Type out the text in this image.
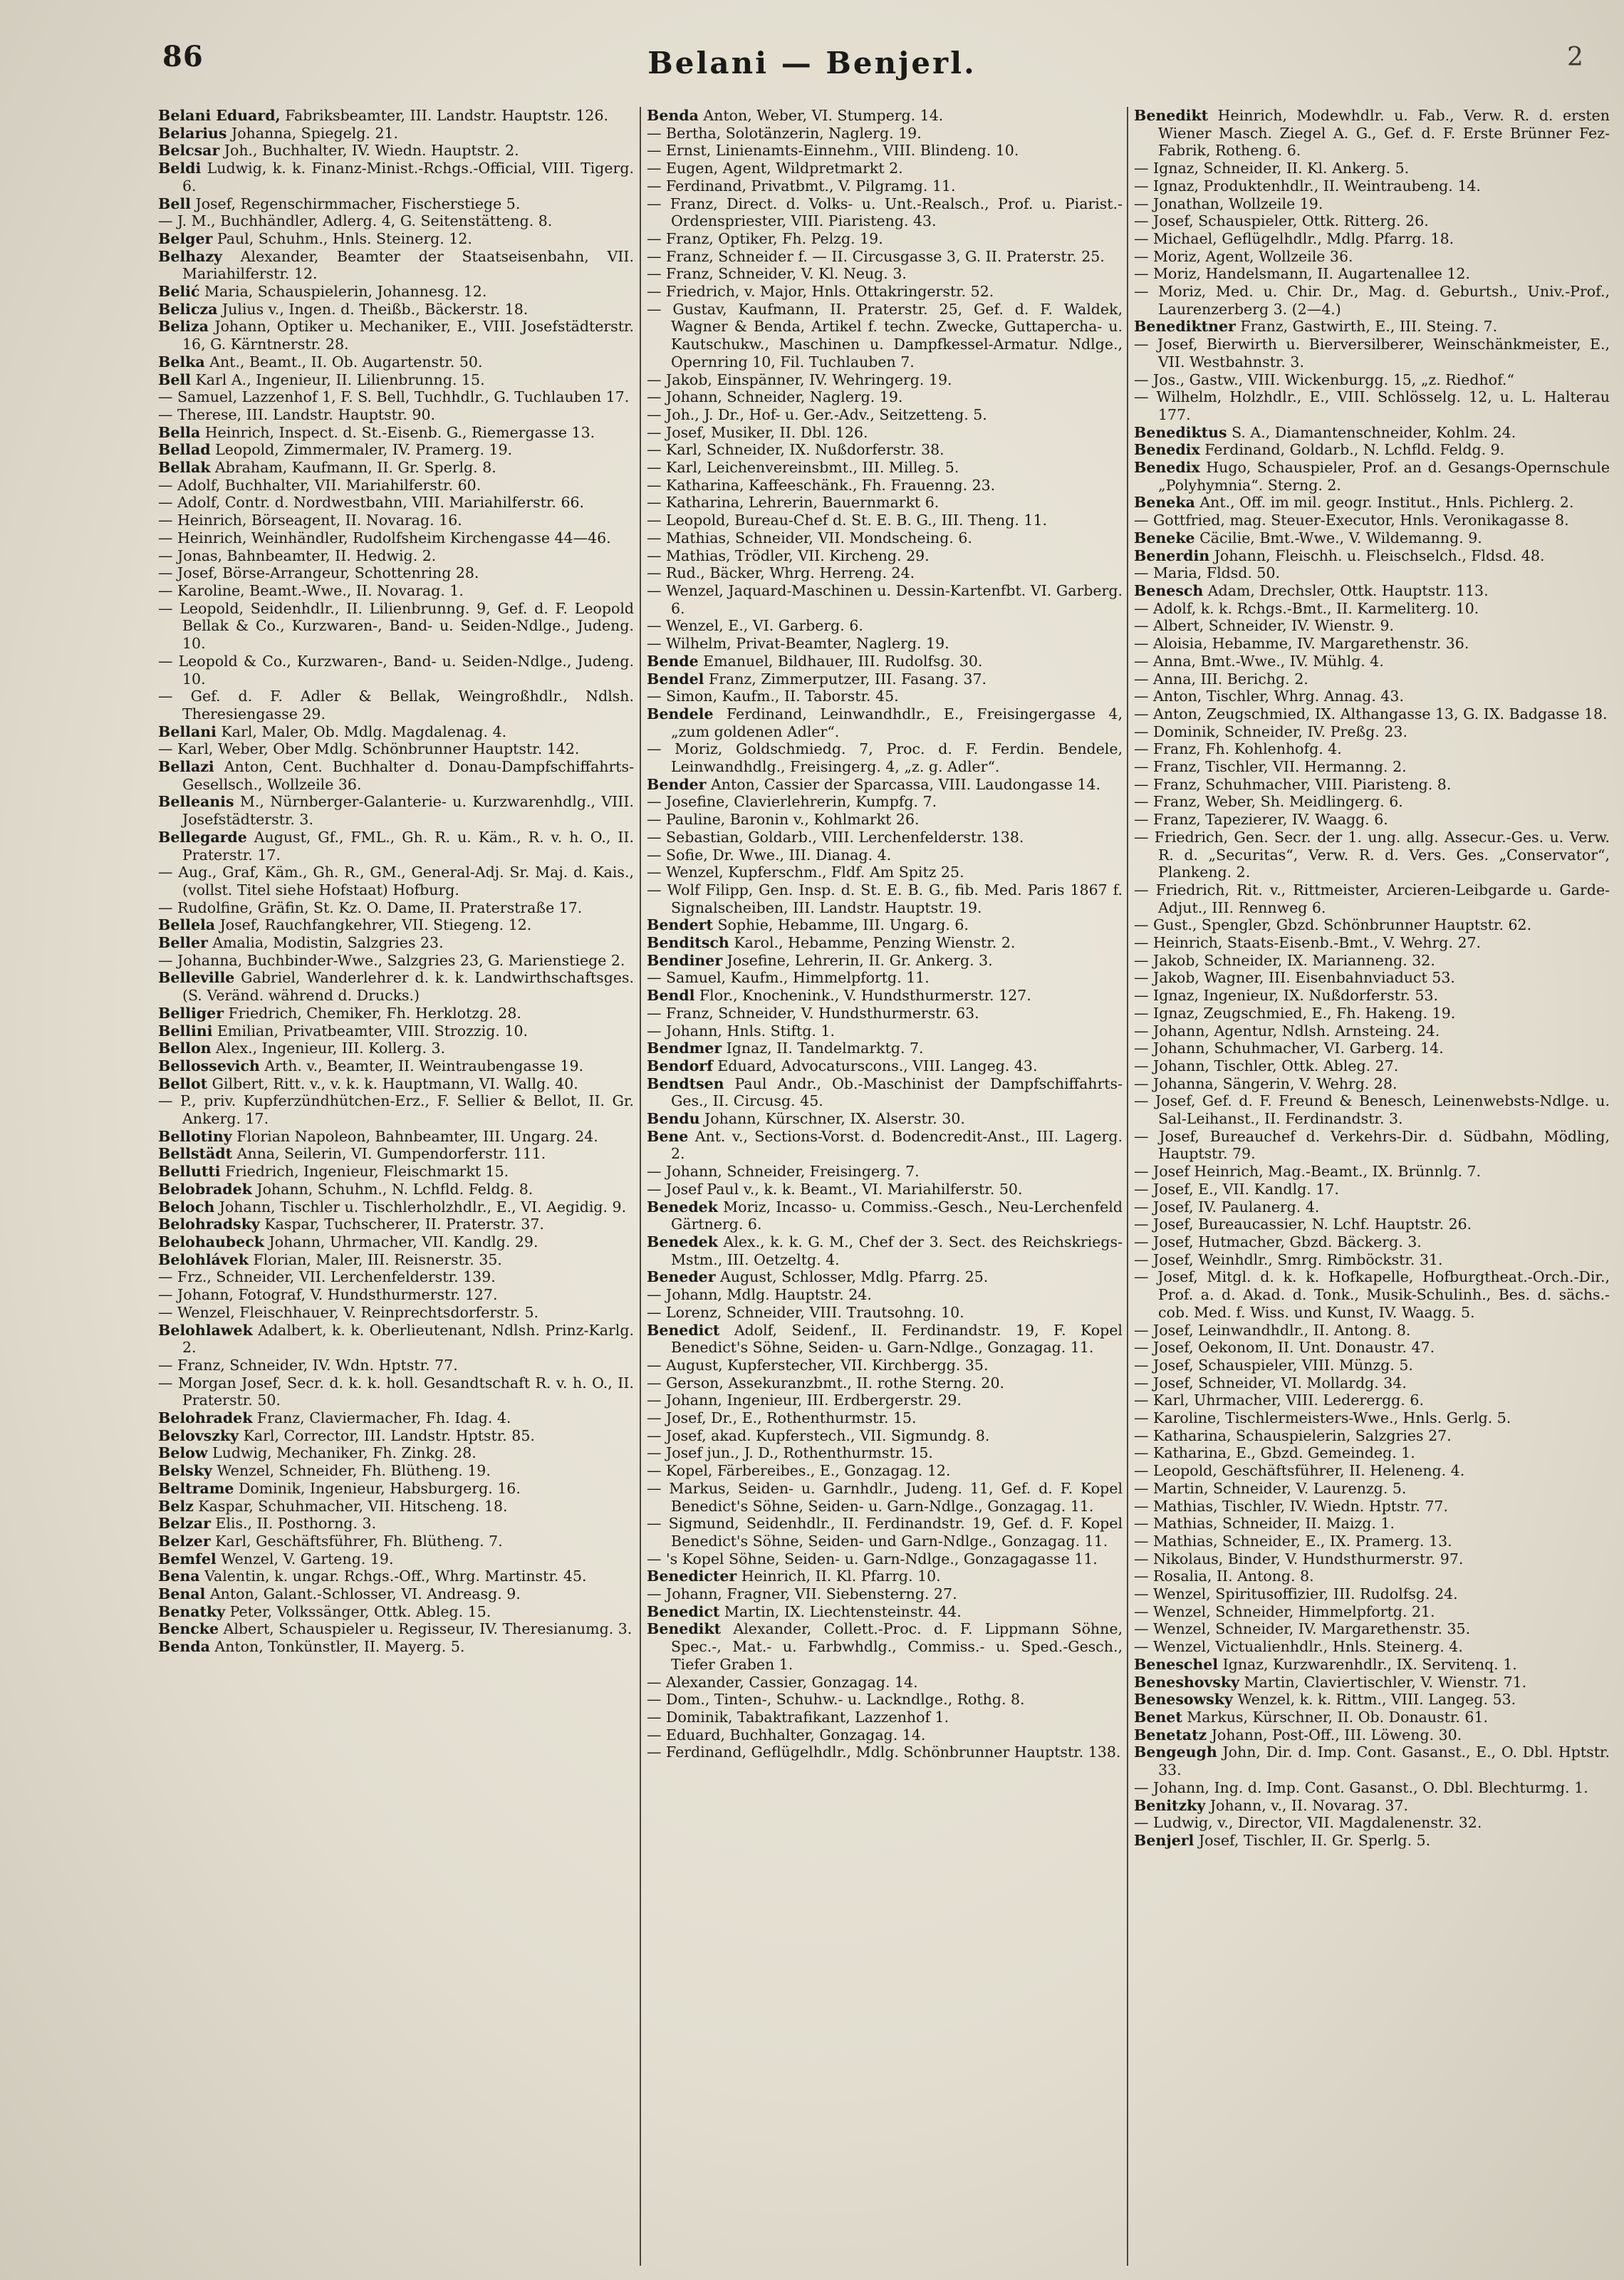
86	Belani — Benjerl.	2
Belani Eduard, Fabriksbeamter, III. Landstr. Hauptstr. 126.
Belarius Johanna, Spiegelg. 21.
Belcsar Joh., Buchhalter, IV. Wiedn. Hauptstr. 2.
Beldi Ludwig, k. k. Finanz-Minist.-Rchgs.-Official, VIII. Tigerg. 6.
Bell Josef, Regenschirmmacher, Fischerstiege 5.
— J. M., Buchhändler, Adlerg. 4, G. Seitenstätteng. 8.
Belger Paul, Schuhm., Hnls. Steinerg. 12.
Belhazy Alexander, Beamter der Staatseisenbahn, VII. Mariahilferstr. 12.
Belić Maria, Schauspielerin, Johannesg. 12.
Belicza Julius v., Ingen. d. Theißb., Bäckerstr. 18.
Beliza Johann, Optiker u. Mechaniker, E., VIII. Josefstädterstr. 16, G. Kärntnerstr. 28.
Belka Ant., Beamt., II. Ob. Augartenstr. 50.
Bell Karl A., Ingenieur, II. Lilienbrunng. 15.
— Samuel, Lazzenhof 1, F. S. Bell, Tuchhdlr., G. Tuchlauben 17.
— Therese, III. Landstr. Hauptstr. 90.
Bella Heinrich, Inspect. d. St.-Eisenb. G., Riemergasse 13.
Bellad Leopold, Zimmermaler, IV. Pramerg. 19.
Bellak Abraham, Kaufmann, II. Gr. Sperlg. 8.
— Adolf, Buchhalter, VII. Mariahilferstr. 60.
— Adolf, Contr. d. Nordwestbahn, VIII. Mariahilferstr. 66.
— Heinrich, Börseagent, II. Novarag. 16.
— Heinrich, Weinhändler, Rudolfsheim Kirchengasse 44—46.
— Jonas, Bahnbeamter, II. Hedwig. 2.
— Josef, Börse-Arrangeur, Schottenring 28.
— Karoline, Beamt.-Wwe., II. Novarag. 1.
— Leopold, Seidenhdlr., II. Lilienbrunng. 9, Gef. d. F. Leopold Bellak & Co., Kurzwaren-, Band- u. Seiden-Ndlge., Judeng. 10.
— Leopold & Co., Kurzwaren-, Band- u. Seiden-Ndlge., Judeng. 10.
— Gef. d. F. Adler & Bellak, Weingroßhdlr., Ndlsh. Theresiengasse 29.
Bellani Karl, Maler, Ob. Mdlg. Magdalenag. 4.
— Karl, Weber, Ober Mdlg. Schönbrunner Hauptstr. 142.
Bellazi Anton, Cent. Buchhalter d. Donau-Dampfschiffahrts-Gesellsch., Wollzeile 36.
Belleanis M., Nürnberger-Galanterie- u. Kurzwarenhdlg., VIII. Josefstädterstr. 3.
Bellegarde August, Gf., FML., Gh. R. u. Käm., R. v. h. O., II. Praterstr. 17.
— Aug., Graf, Käm., Gh. R., GM., General-Adj. Sr. Maj. d. Kais., (vollst. Titel siehe Hofstaat) Hofburg.
— Rudolfine, Gräfin, St. Kz. O. Dame, II. Praterstraße 17.
Bellela Josef, Rauchfangkehrer, VII. Stiegeng. 12.
Beller Amalia, Modistin, Salzgries 23.
— Johanna, Buchbinder-Wwe., Salzgries 23, G. Marienstiege 2.
Belleville Gabriel, Wanderlehrer d. k. k. Landwirthschaftsges. (S. Veränd. während d. Drucks.)
Belliger Friedrich, Chemiker, Fh. Herklotzg. 28.
Bellini Emilian, Privatbeamter, VIII. Strozzig. 10.
Bellon Alex., Ingenieur, III. Kollerg. 3.
Bellossevich Arth. v., Beamter, II. Weintraubengasse 19.
Bellot Gilbert, Ritt. v., v. k. k. Hauptmann, VI. Wallg. 40.
— P., priv. Kupferzündhütchen-Erz., F. Sellier & Bellot, II. Gr. Ankerg. 17.
Bellotiny Florian Napoleon, Bahnbeamter, III. Ungarg. 24.
Bellstädt Anna, Seilerin, VI. Gumpendorferstr. 111.
Bellutti Friedrich, Ingenieur, Fleischmarkt 15.
Belobradek Johann, Schuhm., N. Lchfld. Feldg. 8.
Beloch Johann, Tischler u. Tischlerholzhdlr., E., VI. Aegidig. 9.
Belohradsky Kaspar, Tuchscherer, II. Praterstr. 37.
Belohaubeck Johann, Uhrmacher, VII. Kandlg. 29.
Belohlávek Florian, Maler, III. Reisnerstr. 35.
— Frz., Schneider, VII. Lerchenfelderstr. 139.
— Johann, Fotograf, V. Hundsthurmerstr. 127.
— Wenzel, Fleischhauer, V. Reinprechtsdorferstr. 5.
Belohlawek Adalbert, k. k. Oberlieutenant, Ndlsh. Prinz-Karlg. 2.
— Franz, Schneider, IV. Wdn. Hptstr. 77.
— Morgan Josef, Secr. d. k. k. holl. Gesandtschaft R. v. h. O., II. Praterstr. 50.
Belohradek Franz, Claviermacher, Fh. Idag. 4.
Belovszky Karl, Corrector, III. Landstr. Hptstr. 85.
Below Ludwig, Mechaniker, Fh. Zinkg. 28.
Belsky Wenzel, Schneider, Fh. Blütheng. 19.
Beltrame Dominik, Ingenieur, Habsburgerg. 16.
Belz Kaspar, Schuhmacher, VII. Hitscheng. 18.
Belzar Elis., II. Posthorng. 3.
Belzer Karl, Geschäftsführer, Fh. Blütheng. 7.
Bemfel Wenzel, V. Garteng. 19.
Bena Valentin, k. ungar. Rchgs.-Off., Whrg. Martinstr. 45.
Benal Anton, Galant.-Schlosser, VI. Andreasg. 9.
Benatky Peter, Volkssänger, Ottk. Ableg. 15.
Bencke Albert, Schauspieler u. Regisseur, IV. Theresianumg. 3.
Benda Anton, Tonkünstler, II. Mayerg. 5.
Benda Anton, Weber, VI. Stumperg. 14.
— Bertha, Solotänzerin, Naglerg. 19.
— Ernst, Linienamts-Einnehm., VIII. Blindeng. 10.
— Eugen, Agent, Wildpretmarkt 2.
— Ferdinand, Privatbmt., V. Pilgramg. 11.
— Franz, Direct. d. Volks- u. Unt.-Realsch., Prof. u. Piarist.-Ordenspriester, VIII. Piaristeng. 43.
— Franz, Optiker, Fh. Pelzg. 19.
— Franz, Schneider f. — II. Circusgasse 3, G. II. Praterstr. 25.
— Franz, Schneider, V. Kl. Neug. 3.
— Friedrich, v. Major, Hnls. Ottakringerstr. 52.
— Gustav, Kaufmann, II. Praterstr. 25, Gef. d. F. Waldek, Wagner & Benda, Artikel f. techn. Zwecke, Guttapercha- u. Kautschukw., Maschinen u. Dampfkessel-Armatur. Ndlge., Opernring 10, Fil. Tuchlauben 7.
— Jakob, Einspänner, IV. Wehringerg. 19.
— Johann, Schneider, Naglerg. 19.
— Joh., J. Dr., Hof- u. Ger.-Adv., Seitzetteng. 5.
— Josef, Musiker, II. Dbl. 126.
— Karl, Schneider, IX. Nußdorferstr. 38.
— Karl, Leichenvereinsbmt., III. Milleg. 5.
— Katharina, Kaffeeschänk., Fh. Frauenng. 23.
— Katharina, Lehrerin, Bauernmarkt 6.
— Leopold, Bureau-Chef d. St. E. B. G., III. Theng. 11.
— Mathias, Schneider, VII. Mondscheing. 6.
— Mathias, Trödler, VII. Kircheng. 29.
— Rud., Bäcker, Whrg. Herreng. 24.
— Wenzel, Jaquard-Maschinen u. Dessin-Kartenfbt. VI. Garberg. 6.
— Wenzel, E., VI. Garberg. 6.
— Wilhelm, Privat-Beamter, Naglerg. 19.
Bende Emanuel, Bildhauer, III. Rudolfsg. 30.
Bendel Franz, Zimmerputzer, III. Fasang. 37.
— Simon, Kaufm., II. Taborstr. 45.
Bendele Ferdinand, Leinwandhdlr., E., Freisingergasse 4, „zum goldenen Adler“.
— Moriz, Goldschmiedg. 7, Proc. d. F. Ferdin. Bendele, Leinwandhdlg., Freisingerg. 4, „z. g. Adler“.
Bender Anton, Cassier der Sparcassa, VIII. Laudongasse 14.
— Josefine, Clavierlehrerin, Kumpfg. 7.
— Pauline, Baronin v., Kohlmarkt 26.
— Sebastian, Goldarb., VIII. Lerchenfelderstr. 138.
— Sofie, Dr. Wwe., III. Dianag. 4.
— Wenzel, Kupferschm., Fldf. Am Spitz 25.
— Wolf Filipp, Gen. Insp. d. St. E. B. G., fib. Med. Paris 1867 f. Signalscheiben, III. Landstr. Hauptstr. 19.
Bendert Sophie, Hebamme, III. Ungarg. 6.
Benditsch Karol., Hebamme, Penzing Wienstr. 2.
Bendiner Josefine, Lehrerin, II. Gr. Ankerg. 3.
— Samuel, Kaufm., Himmelpfortg. 11.
Bendl Flor., Knochenink., V. Hundsthurmerstr. 127.
— Franz, Schneider, V. Hundsthurmerstr. 63.
— Johann, Hnls. Stiftg. 1.
Bendmer Ignaz, II. Tandelmarktg. 7.
Bendorf Eduard, Advocaturscons., VIII. Langeg. 43.
Bendtsen Paul Andr., Ob.-Maschinist der Dampfschiffahrts-Ges., II. Circusg. 45.
Bendu Johann, Kürschner, IX. Alserstr. 30.
Bene Ant. v., Sections-Vorst. d. Bodencredit-Anst., III. Lagerg. 2.
— Johann, Schneider, Freisingerg. 7.
— Josef Paul v., k. k. Beamt., VI. Mariahilferstr. 50.
Benedek Moriz, Incasso- u. Commiss.-Gesch., Neu-Lerchenfeld Gärtnerg. 6.
Benedek Alex., k. k. G. M., Chef der 3. Sect. des Reichskriegs-Mstm., III. Oetzeltg. 4.
Beneder August, Schlosser, Mdlg. Pfarrg. 25.
— Johann, Mdlg. Hauptstr. 24.
— Lorenz, Schneider, VIII. Trautsohng. 10.
Benedict Adolf, Seidenf., II. Ferdinandstr. 19, F. Kopel Benedict's Söhne, Seiden- u. Garn-Ndlge., Gonzagag. 11.
— August, Kupferstecher, VII. Kirchbergg. 35.
— Gerson, Assekuranzbmt., II. rothe Sterng. 20.
— Johann, Ingenieur, III. Erdbergerstr. 29.
— Josef, Dr., E., Rothenthurmstr. 15.
— Josef, akad. Kupferstech., VII. Sigmundg. 8.
— Josef jun., J. D., Rothenthurmstr. 15.
— Kopel, Färbereibes., E., Gonzagag. 12.
— Markus, Seiden- u. Garnhdlr., Judeng. 11, Gef. d. F. Kopel Benedict's Söhne, Seiden- u. Garn-Ndlge., Gonzagag. 11.
— Sigmund, Seidenhdlr., II. Ferdinandstr. 19, Gef. d. F. Kopel Benedict's Söhne, Seiden- und Garn-Ndlge., Gonzagag. 11.
— 's Kopel Söhne, Seiden- u. Garn-Ndlge., Gonzagagasse 11.
Benedicter Heinrich, II. Kl. Pfarrg. 10.
— Johann, Fragner, VII. Siebensterng. 27.
Benedict Martin, IX. Liechtensteinstr. 44.
Benedikt Alexander, Collett.-Proc. d. F. Lippmann Söhne, Spec.-, Mat.- u. Farbwhdlg., Commiss.- u. Sped.-Gesch., Tiefer Graben 1.
— Alexander, Cassier, Gonzagag. 14.
— Dom., Tinten-, Schuhw.- u. Lackndlge., Rothg. 8.
— Dominik, Tabaktrafikant, Lazzenhof 1.
— Eduard, Buchhalter, Gonzagag. 14.
— Ferdinand, Geflügelhdlr., Mdlg. Schönbrunner Hauptstr. 138.
Benedikt Heinrich, Modewhdlr. u. Fab., Verw. R. d. ersten Wiener Masch. Ziegel A. G., Gef. d. F. Erste Brünner Fez-Fabrik, Rotheng. 6.
— Ignaz, Schneider, II. Kl. Ankerg. 5.
— Ignaz, Produktenhdlr., II. Weintraubeng. 14.
— Jonathan, Wollzeile 19.
— Josef, Schauspieler, Ottk. Ritterg. 26.
— Michael, Geflügelhdlr., Mdlg. Pfarrg. 18.
— Moriz, Agent, Wollzeile 36.
— Moriz, Handelsmann, II. Augartenallee 12.
— Moriz, Med. u. Chir. Dr., Mag. d. Geburtsh., Univ.-Prof., Laurenzerberg 3. (2—4.)
Benediktner Franz, Gastwirth, E., III. Steing. 7.
— Josef, Bierwirth u. Bierversilberer, Weinschänkmeister, E., VII. Westbahnstr. 3.
— Jos., Gastw., VIII. Wickenburgg. 15, „z. Riedhof.“
— Wilhelm, Holzhdlr., E., VIII. Schlösselg. 12, u. L. Halterau 177.
Benediktus S. A., Diamantenschneider, Kohlm. 24.
Benedix Ferdinand, Goldarb., N. Lchfld. Feldg. 9.
Benedix Hugo, Schauspieler, Prof. an d. Gesangs-Opernschule „Polyhymnia“. Sterng. 2.
Beneka Ant., Off. im mil. geogr. Institut., Hnls. Pichlerg. 2.
— Gottfried, mag. Steuer-Executor, Hnls. Veronikagasse 8.
Beneke Cäcilie, Bmt.-Wwe., V. Wildemanng. 9.
Benerdin Johann, Fleischh. u. Fleischselch., Fldsd. 48.
— Maria, Fldsd. 50.
Benesch Adam, Drechsler, Ottk. Hauptstr. 113.
— Adolf, k. k. Rchgs.-Bmt., II. Karmeliterg. 10.
— Albert, Schneider, IV. Wienstr. 9.
— Aloisia, Hebamme, IV. Margarethenstr. 36.
— Anna, Bmt.-Wwe., IV. Mühlg. 4.
— Anna, III. Berichg. 2.
— Anton, Tischler, Whrg. Annag. 43.
— Anton, Zeugschmied, IX. Althangasse 13, G. IX. Badgasse 18.
— Dominik, Schneider, IV. Preßg. 23.
— Franz, Fh. Kohlenhofg. 4.
— Franz, Tischler, VII. Hermanng. 2.
— Franz, Schuhmacher, VIII. Piaristeng. 8.
— Franz, Weber, Sh. Meidlingerg. 6.
— Franz, Tapezierer, IV. Waagg. 6.
— Friedrich, Gen. Secr. der 1. ung. allg. Assecur.-Ges. u. Verw. R. d. „Securitas“, Verw. R. d. Vers. Ges. „Conservator“, Plankeng. 2.
— Friedrich, Rit. v., Rittmeister, Arcieren-Leibgarde u. Garde-Adjut., III. Rennweg 6.
— Gust., Spengler, Gbzd. Schönbrunner Hauptstr. 62.
— Heinrich, Staats-Eisenb.-Bmt., V. Wehrg. 27.
— Jakob, Schneider, IX. Marianneng. 32.
— Jakob, Wagner, III. Eisenbahnviaduct 53.
— Ignaz, Ingenieur, IX. Nußdorferstr. 53.
— Ignaz, Zeugschmied, E., Fh. Hakeng. 19.
— Johann, Agentur, Ndlsh. Arnsteing. 24.
— Johann, Schuhmacher, VI. Garberg. 14.
— Johann, Tischler, Ottk. Ableg. 27.
— Johanna, Sängerin, V. Wehrg. 28.
— Josef, Gef. d. F. Freund & Benesch, Leinenwebsts-Ndlge. u. Sal-Leihanst., II. Ferdinandstr. 3.
— Josef, Bureauchef d. Verkehrs-Dir. d. Südbahn, Mödling, Hauptstr. 79.
— Josef Heinrich, Mag.-Beamt., IX. Brünnlg. 7.
— Josef, E., VII. Kandlg. 17.
— Josef, IV. Paulanerg. 4.
— Josef, Bureaucassier, N. Lchf. Hauptstr. 26.
— Josef, Hutmacher, Gbzd. Bäckerg. 3.
— Josef, Weinhdlr., Smrg. Rimböckstr. 31.
— Josef, Mitgl. d. k. k. Hofkapelle, Hofburgtheat.-Orch.-Dir., Prof. a. d. Akad. d. Tonk., Musik-Schulinh., Bes. d. sächs.-cob. Med. f. Wiss. und Kunst, IV. Waagg. 5.
— Josef, Leinwandhdlr., II. Antong. 8.
— Josef, Oekonom, II. Unt. Donaustr. 47.
— Josef, Schauspieler, VIII. Münzg. 5.
— Josef, Schneider, VI. Mollardg. 34.
— Karl, Uhrmacher, VIII. Lederergg. 6.
— Karoline, Tischlermeisters-Wwe., Hnls. Gerlg. 5.
— Katharina, Schauspielerin, Salzgries 27.
— Katharina, E., Gbzd. Gemeindeg. 1.
— Leopold, Geschäftsführer, II. Heleneng. 4.
— Martin, Schneider, V. Laurenzg. 5.
— Mathias, Tischler, IV. Wiedn. Hptstr. 77.
— Mathias, Schneider, II. Maizg. 1.
— Mathias, Schneider, E., IX. Pramerg. 13.
— Nikolaus, Binder, V. Hundsthurmerstr. 97.
— Rosalia, II. Antong. 8.
— Wenzel, Spiritusoffizier, III. Rudolfsg. 24.
— Wenzel, Schneider, Himmelpfortg. 21.
— Wenzel, Schneider, IV. Margarethenstr. 35.
— Wenzel, Victualienhdlr., Hnls. Steinerg. 4.
Beneschel Ignaz, Kurzwarenhdlr., IX. Servitenq. 1.
Beneshovsky Martin, Claviertischler, V. Wienstr. 71.
Benesowsky Wenzel, k. k. Rittm., VIII. Langeg. 53.
Benet Markus, Kürschner, II. Ob. Donaustr. 61.
Benetatz Johann, Post-Off., III. Löweng. 30.
Bengeugh John, Dir. d. Imp. Cont. Gasanst., E., O. Dbl. Hptstr. 33.
— Johann, Ing. d. Imp. Cont. Gasanst., O. Dbl. Blechturmg. 1.
Benitzky Johann, v., II. Novarag. 37.
— Ludwig, v., Director, VII. Magdalenenstr. 32.
Benjerl Josef, Tischler, II. Gr. Sperlg. 5.
